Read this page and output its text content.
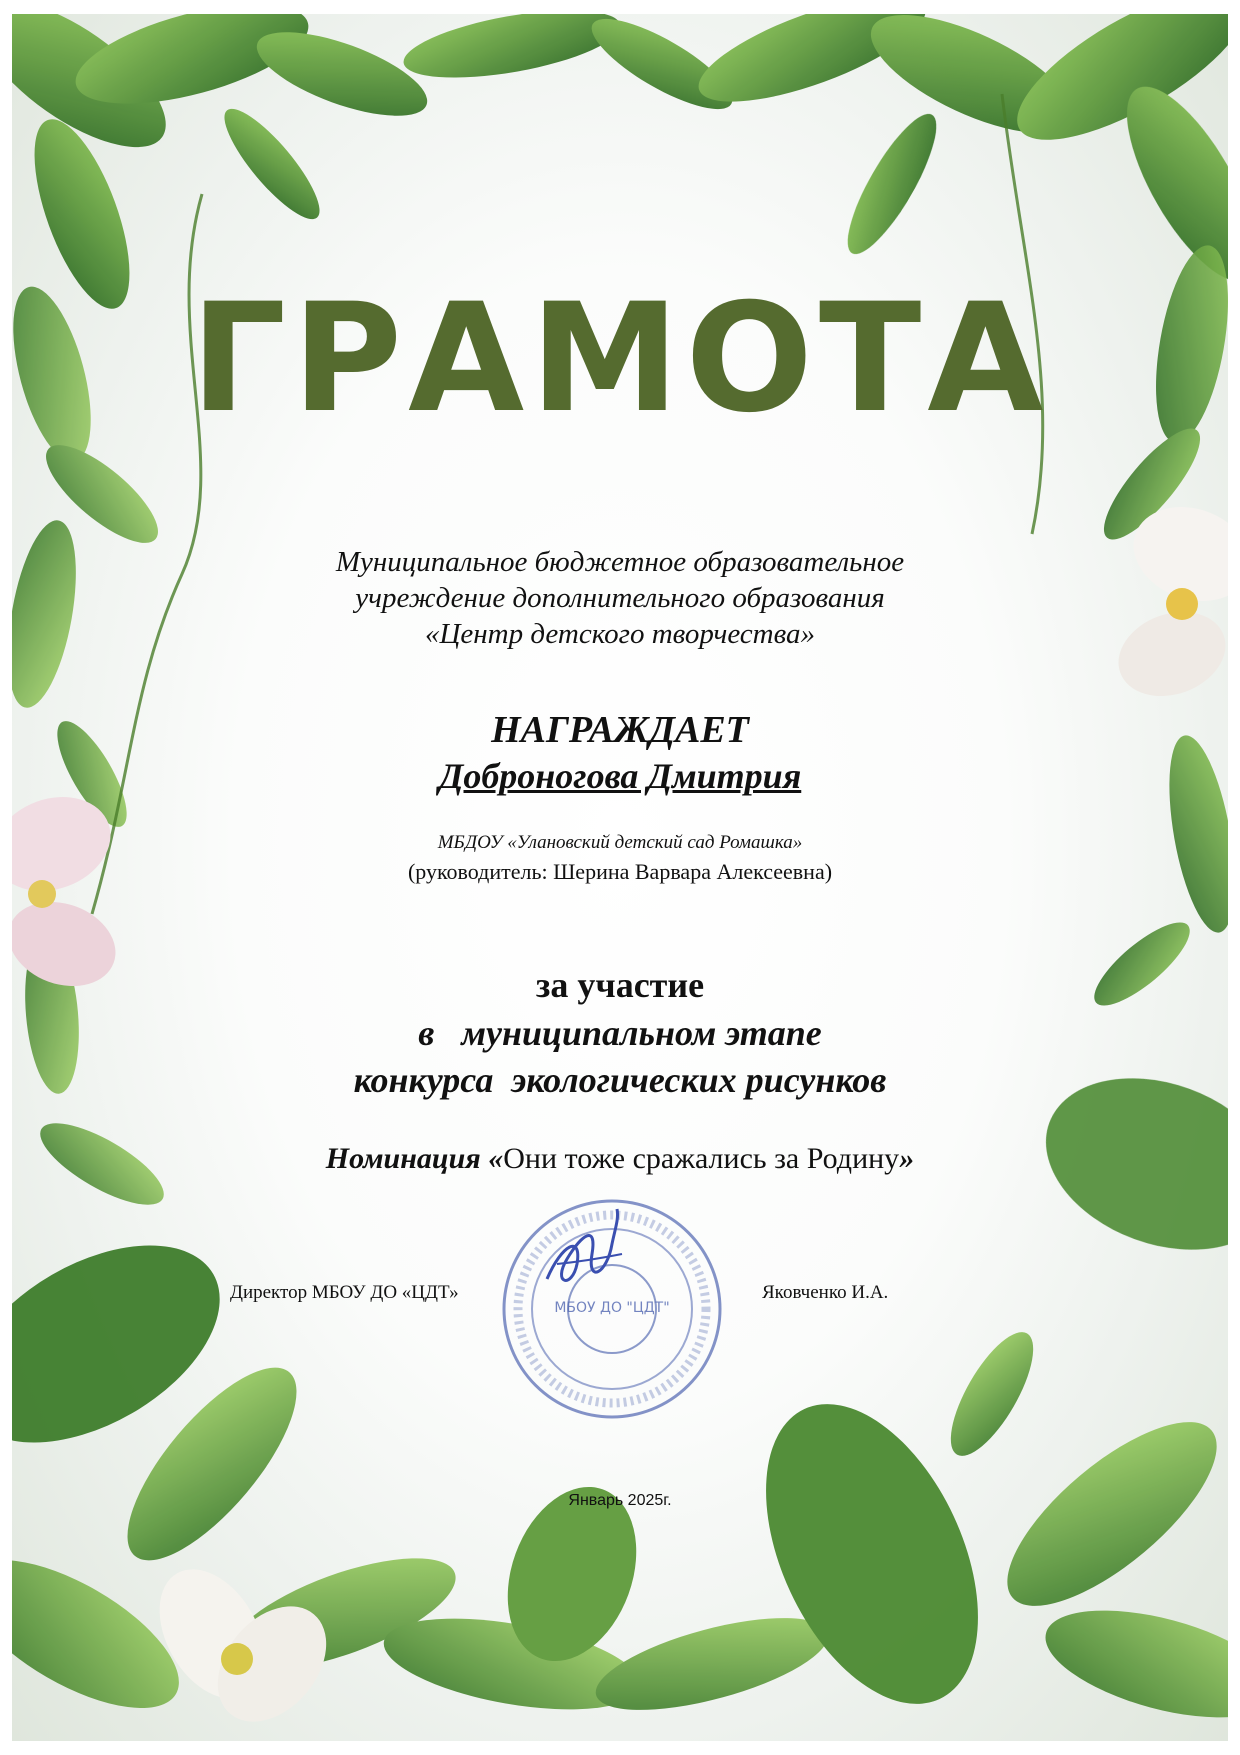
ГРАМОТА
Муниципальное бюджетное образовательное
учреждение дополнительного образования
«Центр детского творчества»
НАГРАЖДАЕТ
Доброногова Дмитрия
МБДОУ «Улановский детский сад Ромашка»
(руководитель: Шерина Варвара Алексеевна)
за участие
в   муниципальном этапе
конкурса  экологических рисунков
Номинация «Они тоже сражались за Родину»
МБОУ ДО "ЦДТ"
Директор МБОУ ДО «ЦДТ»	Яковченко И.А.
Январь 2025г.
